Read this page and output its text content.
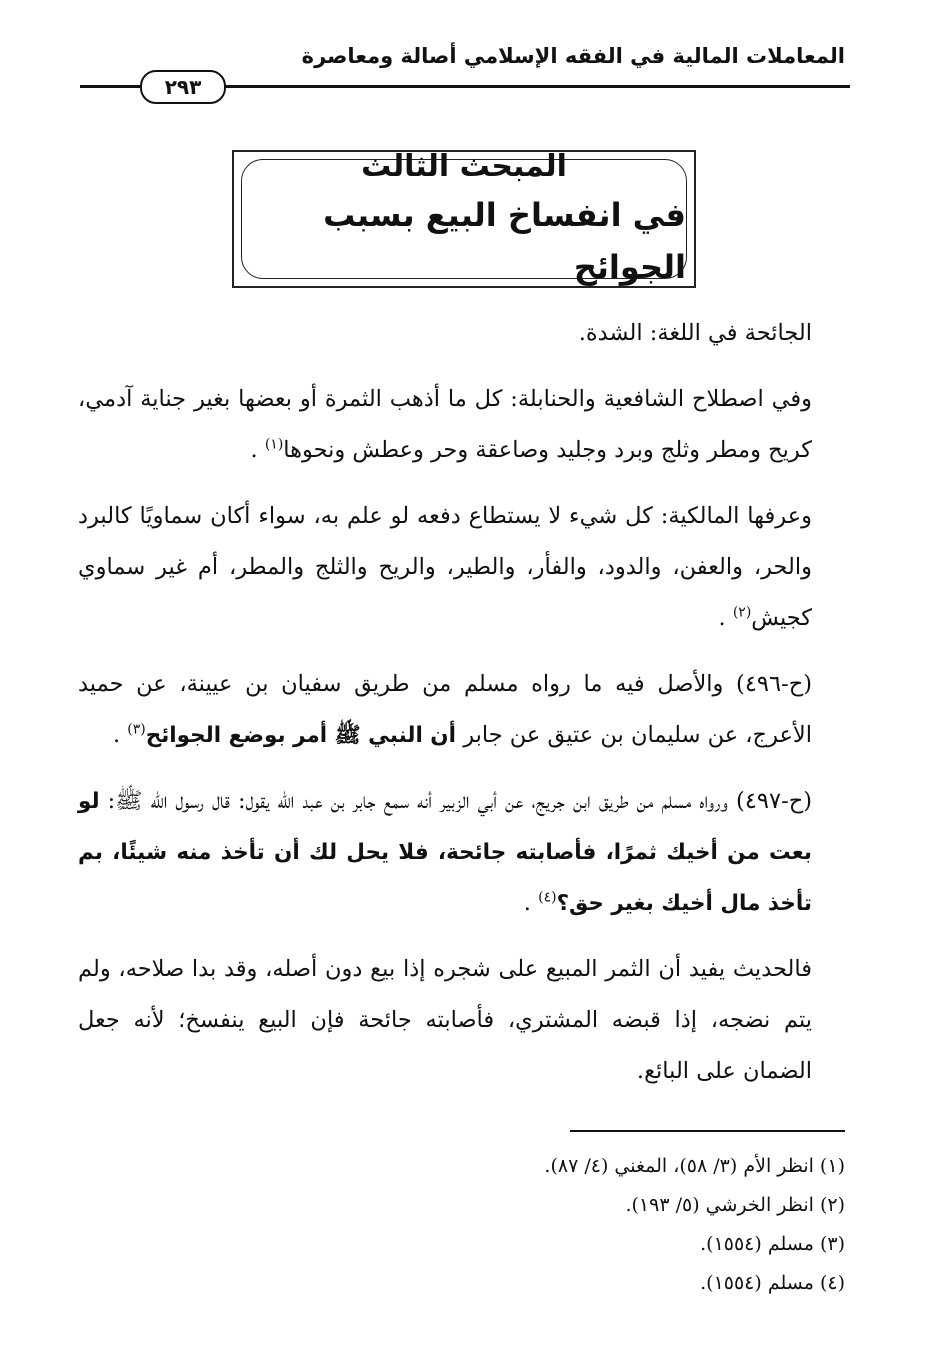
المعاملات المالية في الفقه الإسلامي أصالة ومعاصرة
٢٩٣
المبحث الثالث
في انفساخ البيع بسبب الجوائح

الجائحة في اللغة: الشدة.

وفي اصطلاح الشافعية والحنابلة: كل ما أذهب الثمرة أو بعضها بغير جناية آدمي، كريح ومطر وثلج وبرد وجليد وصاعقة وحر وعطش ونحوها$^{(١)}$ .

وعرفها المالكية: كل شيء لا يستطاع دفعه لو علم به، سواء أكان سماويًا كالبرد والحر، والعفن، والدود، والفأر، والطير، والريح والثلج والمطر، أم غير سماوي كجيش$^{(٢)}$ .

(ح-٤٩٦) والأصل فيه ما رواه مسلم من طريق سفيان بن عيينة، عن حميد الأعرج، عن سليمان بن عتيق عن جابر أن النبي ﷺ أمر بوضع الجوائح$^{(٣)}$ .

(ح-٤٩٧) ورواه مسلم من طريق ابن جريج، عن أبي الزبير أنه سمع جابر بن عبد الله يقول: قال رسول الله ﷺ: لو بعت من أخيك ثمرًا، فأصابته جائحة، فلا يحل لك أن تأخذ منه شيئًا، بم تأخذ مال أخيك بغير حق؟$^{(٤)}$ .

فالحديث يفيد أن الثمر المبيع على شجره إذا بيع دون أصله، وقد بدا صلاحه، ولم يتم نضجه، إذا قبضه المشتري، فأصابته جائحة فإن البيع ينفسخ؛ لأنه جعل الضمان على البائع.

(١) انظر الأم (٣/ ٥٨)، المغني (٤/ ٨٧).
(٢) انظر الخرشي (٥/ ١٩٣).
(٣) مسلم (١٥٥٤).
(٤) مسلم (١٥٥٤).
